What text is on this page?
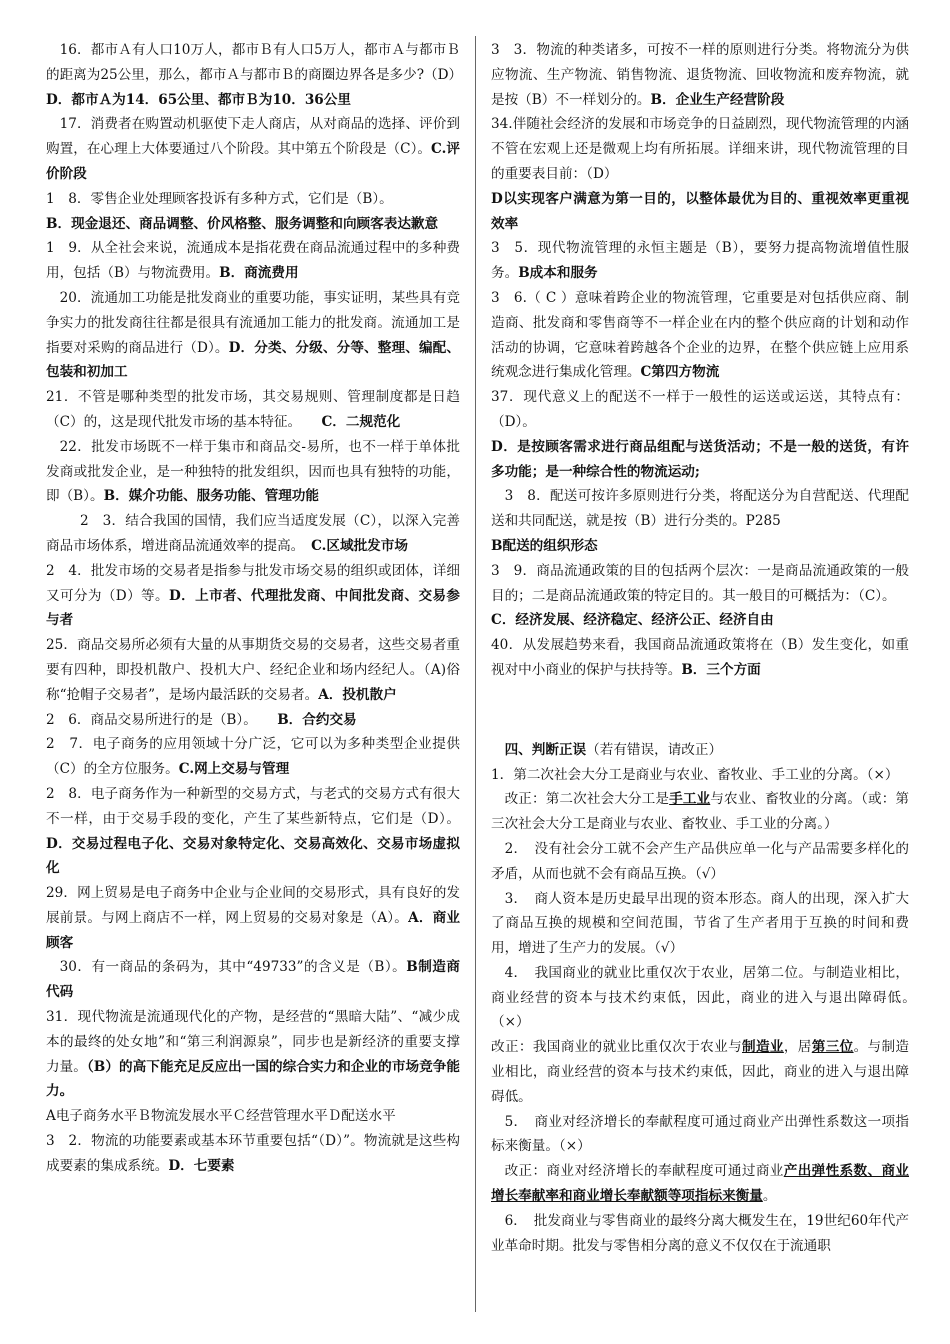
16．都市Ａ有人口10万人，都市Ｂ有人口5万人，都市Ａ与都市Ｂ的距离为25公里，那么，都市Ａ与都市Ｂ的商圈边界各是多少?（D）

D．都市Ａ为14．65公里、都市Ｂ为10．36公里

17．消费者在购置动机驱使下走人商店，从对商品的选择、评价到购置，在心理上大体要通过八个阶段。其中第五个阶段是（C）。C.评价阶段

1　8．零售企业处理顾客投诉有多种方式，它们是（B）。

B．现金退还、商品调整、价风格整、服务调整和向顾客表达歉意

1　9．从全社会来说，流通成本是指花费在商品流通过程中的多种费用，包括（B）与物流费用。B．商流费用

20．流通加工功能是批发商业的重要功能，事实证明，某些具有竞争实力的批发商往往都是很具有流通加工能力的批发商。流通加工是指要对采购的商品进行（D）。D．分类、分级、分等、整理、编配、包装和初加工

21．不管是哪种类型的批发市场，其交易规则、管理制度都是日趋（C）的，这是现代批发市场的基本特征。　　 C．二规范化

22．批发市场既不一样于集市和商品交-易所，也不一样于单体批发商或批发企业，是一种独特的批发组织，因而也具有独特的功能，即（B）。B．媒介功能、服务功能、管理功能

2　3．结合我国的国情，我们应当适度发展（C），以深入完善商品市场体系，增进商品流通效率的提高。　 C.区域批发市场

2　4．批发市场的交易者是指参与批发市场交易的组织或团体，详细又可分为（D）等。D．上市者、代理批发商、中间批发商、交易参与者

25．商品交易所必须有大量的从事期货交易的交易者，这些交易者重要有四种，即投机散户、投机大户、经纪企业和场内经纪人。（A)俗称“抢帽子交易者”，是场内最活跃的交易者。A．投机散户

2　6．商品交易所进行的是（B）。　　 B．合约交易

2　7．电子商务的应用领域十分广泛，它可以为多种类型企业提供（C）的全方位服务。C.网上交易与管理

2　8．电子商务作为一种新型的交易方式，与老式的交易方式有很大不一样，由于交易手段的变化，产生了某些新特点，它们是（D）。D．交易过程电子化、交易对象特定化、交易高效化、交易市场虚拟化

29．网上贸易是电子商务中企业与企业间的交易形式，具有良好的发展前景。与网上商店不一样，网上贸易的交易对象是（A）。A．商业顾客

30．有一商品的条码为，其中“49733”的含义是（B）。B制造商代码

31．现代物流是流通现代化的产物，是经营的“黑暗大陆”、“减少成本的最终的处女地”和“第三利润源泉”，同步也是新经济的重要支撑力量。（B）的高下能充足反应出一国的综合实力和企业的市场竞争能力。

A电子商务水平Ｂ物流发展水平Ｃ经营管理水平Ｄ配送水平

3　2．物流的功能要素或基本环节重要包括“（D）”。物流就是这些构成要素的集成系统。D．七要素

3　3．物流的种类诸多，可按不一样的原则进行分类。将物流分为供应物流、生产物流、销售物流、退货物流、回收物流和废弃物流，就是按（B）不一样划分的。B．企业生产经营阶段

34.伴随社会经济的发展和市场竞争的日益剧烈，现代物流管理的内涵不管在宏观上还是微观上均有所拓展。详细来讲，现代物流管理的目的重要表目前：（D）

D以实现客户满意为第一目的，以整体最优为目的、重视效率更重视效率

3　5．现代物流管理的永恒主题是（B），要努力提高物流增值性服务。B成本和服务

3　6.（ C ）意味着跨企业的物流管理，它重要是对包括供应商、制造商、批发商和零售商等不一样企业在内的整个供应商的计划和动作活动的协调，它意味着跨越各个企业的边界，在整个供应链上应用系统观念进行集成化管理。C第四方物流

37．现代意义上的配送不一样于一般性的运送或运送，其特点有：（D）。

D．是按顾客需求进行商品组配与送货活动；不是一般的送货，有许多功能；是一种综合性的物流运动;

3　8．配送可按许多原则进行分类，将配送分为自营配送、代理配送和共同配送，就是按（B）进行分类的。P285

B配送的组织形态

3　9．商品流通政策的目的包括两个层次：一是商品流通政策的一般目的；二是商品流通政策的特定目的。其一般目的可概括为：（C）。

C．经济发展、经济稳定、经济公正、经济自由

40．从发展趋势来看，我国商品流通政策将在（B）发生变化，如重视对中小商业的保护与扶持等。B．三个方面

四、判断正误（若有错误，请改正）

1．第二次社会大分工是商业与农业、畜牧业、手工业的分离。（×）

改正：第二次社会大分工是手工业与农业、畜牧业的分离。（或：第三次社会大分工是商业与农业、畜牧业、手工业的分离。）

2．　没有社会分工就不会产生产品供应单一化与产品需要多样化的矛盾，从而也就不会有商品互换。（√）

3．　商人资本是历史最早出现的资本形态。商人的出现，深入扩大了商品互换的规模和空间范围，节省了生产者用于互换的时间和费用，增进了生产力的发展。（√）

4．　我国商业的就业比重仅次于农业，居第二位。与制造业相比，商业经营的资本与技术约束低，因此，商业的进入与退出障碍低。　（×）

改正：我国商业的就业比重仅次于农业与制造业，居第三位。与制造业相比，商业经营的资本与技术约束低，因此，商业的进入与退出障碍低。

5．　商业对经济增长的奉献程度可通过商业产出弹性系数这一项指标来衡量。（×）

改正：商业对经济增长的奉献程度可通过商业产出弹性系数、商业增长奉献率和商业增长奉献额等项指标来衡量。

6．　批发商业与零售商业的最终分离大概发生在，19世纪60年代产业革命时期。批发与零售相分离的意义不仅仅在于流通职
